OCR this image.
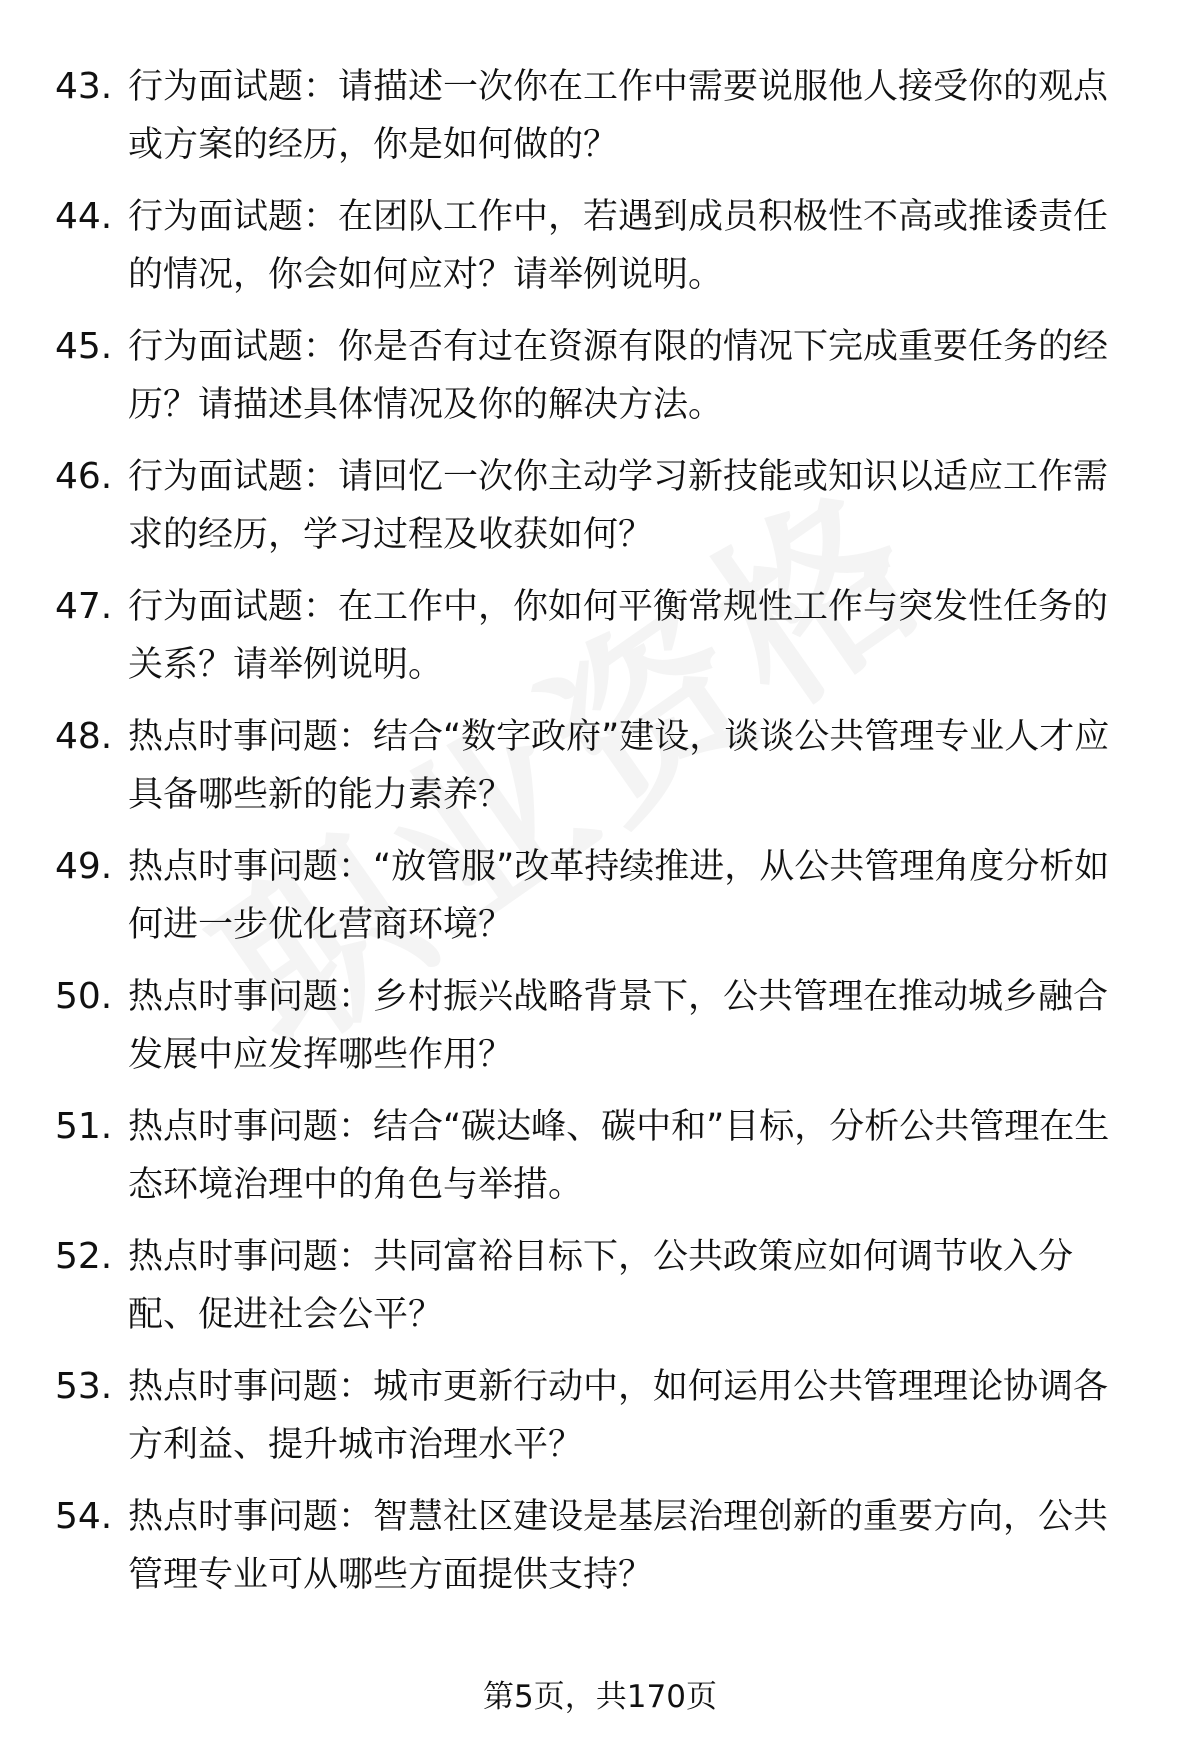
43. 行为面试题：请描述一次你在工作中需要说服他人接受你的观点或方案的经历，你是如何做的？
44. 行为面试题：在团队工作中，若遇到成员积极性不高或推诿责任的情况，你会如何应对？请举例说明。
45. 行为面试题：你是否有过在资源有限的情况下完成重要任务的经历？请描述具体情况及你的解决方法。
46. 行为面试题：请回忆一次你主动学习新技能或知识以适应工作需求的经历，学习过程及收获如何？
47. 行为面试题：在工作中，你如何平衡常规性工作与突发性任务的关系？请举例说明。
48. 热点时事问题：结合“数字政府”建设，谈谈公共管理专业人才应具备哪些新的能力素养？
49. 热点时事问题：“放管服”改革持续推进，从公共管理角度分析如何进一步优化营商环境？
50. 热点时事问题：乡村振兴战略背景下，公共管理在推动城乡融合发展中应发挥哪些作用？
51. 热点时事问题：结合“碳达峰、碳中和”目标，分析公共管理在生态环境治理中的角色与举措。
52. 热点时事问题：共同富裕目标下，公共政策应如何调节收入分配、促进社会公平？
53. 热点时事问题：城市更新行动中，如何运用公共管理理论协调各方利益、提升城市治理水平？
54. 热点时事问题：智慧社区建设是基层治理创新的重要方向，公共管理专业可从哪些方面提供支持？
第5页，共170页
